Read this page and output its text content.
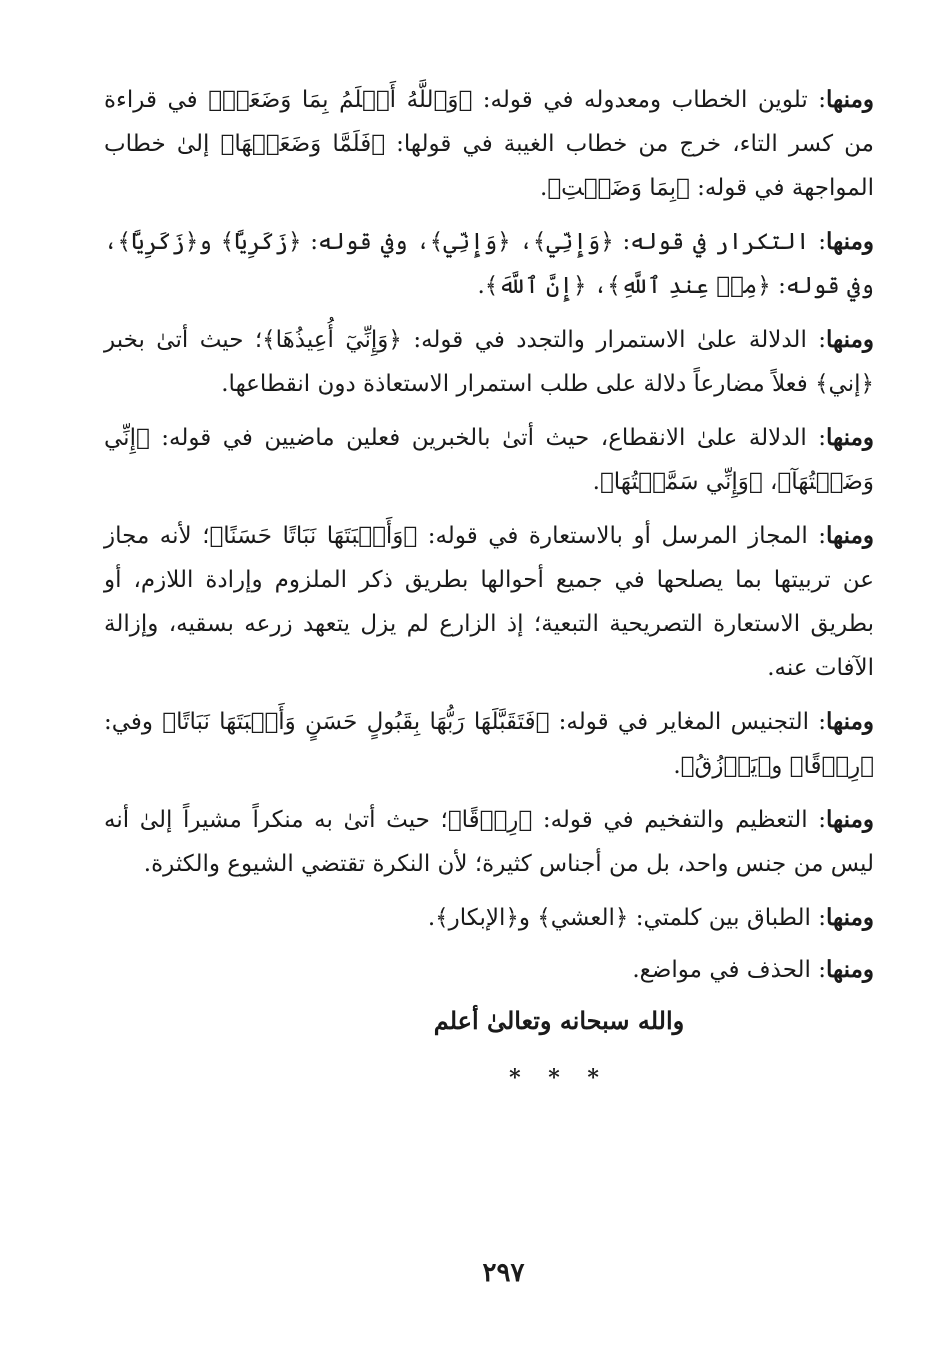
ومنها: تلوين الخطاب ومعدوله في قوله: ﴿وَٱللَّهُ أَعۡلَمُ بِمَا وَضَعَتۡ﴾ في قراءة من كسر التاء، خرج من خطاب الغيبة في قولها: ﴿فَلَمَّا وَضَعَتۡهَا﴾ إلىٰ خطاب المواجهة في قوله: ﴿بِمَا وَضَعۡتِ﴾.

ومنها: التكرار في قوله: ﴿وَإِنِّي﴾، ﴿وَإِنِّي﴾، وفي قوله: ﴿زَكَرِيَّا﴾ و﴿زَكَرِيَّا﴾، وفي قوله: ﴿مِنۡ عِندِ ٱللَّهِ﴾، ﴿إِنَّ ٱللَّهَ﴾.

ومنها: الدلالة علىٰ الاستمرار والتجدد في قوله: ﴿وَإِنِّيٓ أُعِيذُهَا﴾؛ حيث أتىٰ بخبر ﴿إني﴾ فعلاً مضارعاً دلالة على طلب استمرار الاستعاذة دون انقطاعها.

ومنها: الدلالة علىٰ الانقطاع، حيث أتىٰ بالخبرين فعلين ماضيين في قوله: ﴿إِنِّي وَضَعۡتُهَآ﴾، ﴿وَإِنِّي سَمَّيۡتُهَا﴾.

ومنها: المجاز المرسل أو بالاستعارة في قوله: ﴿وَأَنۢبَتَهَا نَبَاتًا حَسَنًا﴾؛ لأنه مجاز عن تربيتها بما يصلحها في جميع أحوالها بطريق ذكر الملزوم وإرادة اللازم، أو بطريق الاستعارة التصريحية التبعية؛ إذ الزارع لم يزل يتعهد زرعه بسقيه، وإزالة الآفات عنه.

ومنها: التجنيس المغاير في قوله: ﴿فَتَقَبَّلَهَا رَبُّهَا بِقَبُولٍ حَسَنٍ وَأَنۢبَتَهَا نَبَاتًا﴾ وفي: ﴿رِزۡقًا﴾ و﴿يَرۡزُقُ﴾.

ومنها: التعظيم والتفخيم في قوله: ﴿رِزۡقًا﴾؛ حيث أتىٰ به منكراً مشيراً إلىٰ أنه ليس من جنس واحد، بل من أجناس كثيرة؛ لأن النكرة تقتضي الشيوع والكثرة.

ومنها: الطباق بين كلمتي: ﴿العشي﴾ و﴿الإبكار﴾.

ومنها: الحذف في مواضع.

والله سبحانه وتعالىٰ أعلم
* * *
٢٩٧
